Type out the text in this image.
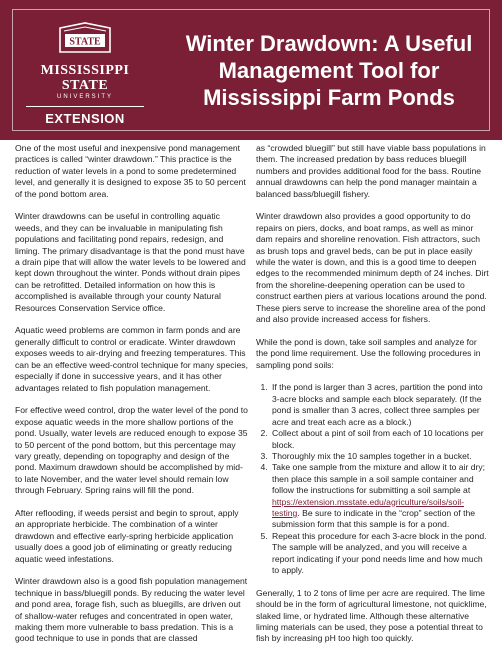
STATE
MISSISSIPPI STATE
UNIVERSITY
EXTENSION
Winter Drawdown: A Useful
Management Tool for
Mississippi Farm Ponds

One of the most useful and inexpensive pond management practices is called “winter drawdown.” This practice is the reduction of water levels in a pond to some predetermined level, and generally it is designed to expose 35 to 50 percent of the pond bottom area.

Winter drawdowns can be useful in controlling aquatic weeds, and they can be invaluable in manipulating fish populations and facilitating pond repairs, redesign, and liming. The primary disadvantage is that the pond must have a drain pipe that will allow the water levels to be lowered and kept down throughout the winter. Ponds without drain pipes can be retrofitted. Detailed information on how this is accomplished is available through your county Natural Resources Conservation Service office.

Aquatic weed problems are common in farm ponds and are generally difficult to control or eradicate. Winter drawdown exposes weeds to air-drying and freezing temperatures. This can be an effective weed-control technique for many species, especially if done in successive years, and it has other advantages related to fish population management.

For effective weed control, drop the water level of the pond to expose aquatic weeds in the more shallow portions of the pond. Usually, water levels are reduced enough to expose 35 to 50 percent of the pond bottom, but this percentage may vary greatly, depending on topography and design of the pond. Maximum drawdown should be accomplished by mid-to late November, and the water level should remain low through February. Spring rains will fill the pond.

After reflooding, if weeds persist and begin to sprout, apply an appropriate herbicide. The combination of a winter drawdown and effective early-spring herbicide application usually does a good job of eliminating or greatly reducing aquatic weed infestations.

Winter drawdown also is a good fish population management technique in bass/bluegill ponds. By reducing the water level and pond area, forage fish, such as bluegills, are driven out of shallow-water refuges and concentrated in open water, making them more vulnerable to bass predation. This is a good technique to use in ponds that are classed

as “crowded bluegill” but still have viable bass populations in them. The increased predation by bass reduces bluegill numbers and provides additional food for the bass. Routine annual drawdowns can help the pond manager maintain a balanced bass/bluegill fishery.

Winter drawdown also provides a good opportunity to do repairs on piers, docks, and boat ramps, as well as minor dam repairs and shoreline renovation. Fish attractors, such as brush tops and gravel beds, can be put in place easily while the water is down, and this is a good time to deepen edges to the recommended minimum depth of 24 inches. Dirt from the shoreline-deepening operation can be used to construct earthen piers at various locations around the pond. These piers serve to increase the shoreline area of the pond and also provide increased access for fishers.

While the pond is down, take soil samples and analyze for the pond lime requirement. Use the following procedures in sampling pond soils:

1. If the pond is larger than 3 acres, partition the pond into 3-acre blocks and sample each block separately. (If the pond is smaller than 3 acres, collect three samples per acre and treat each acre as a block.)
2. Collect about a pint of soil from each of 10 locations per block.
3. Thoroughly mix the 10 samples together in a bucket.
4. Take one sample from the mixture and allow it to air dry; then place this sample in a soil sample container and follow the instructions for submitting a soil sample at https://extension.msstate.edu/agriculture/soils/soil-testing. Be sure to indicate in the “crop” section of the submission form that this sample is for a pond.
5. Repeat this procedure for each 3-acre block in the pond. The sample will be analyzed, and you will receive a report indicating if your pond needs lime and how much to apply.

Generally, 1 to 2 tons of lime per acre are required. The lime should be in the form of agricultural limestone, not quicklime, slaked lime, or hydrated lime. Although these alternative liming materials can be used, they pose a potential threat to fish by increasing pH too high too quickly.
